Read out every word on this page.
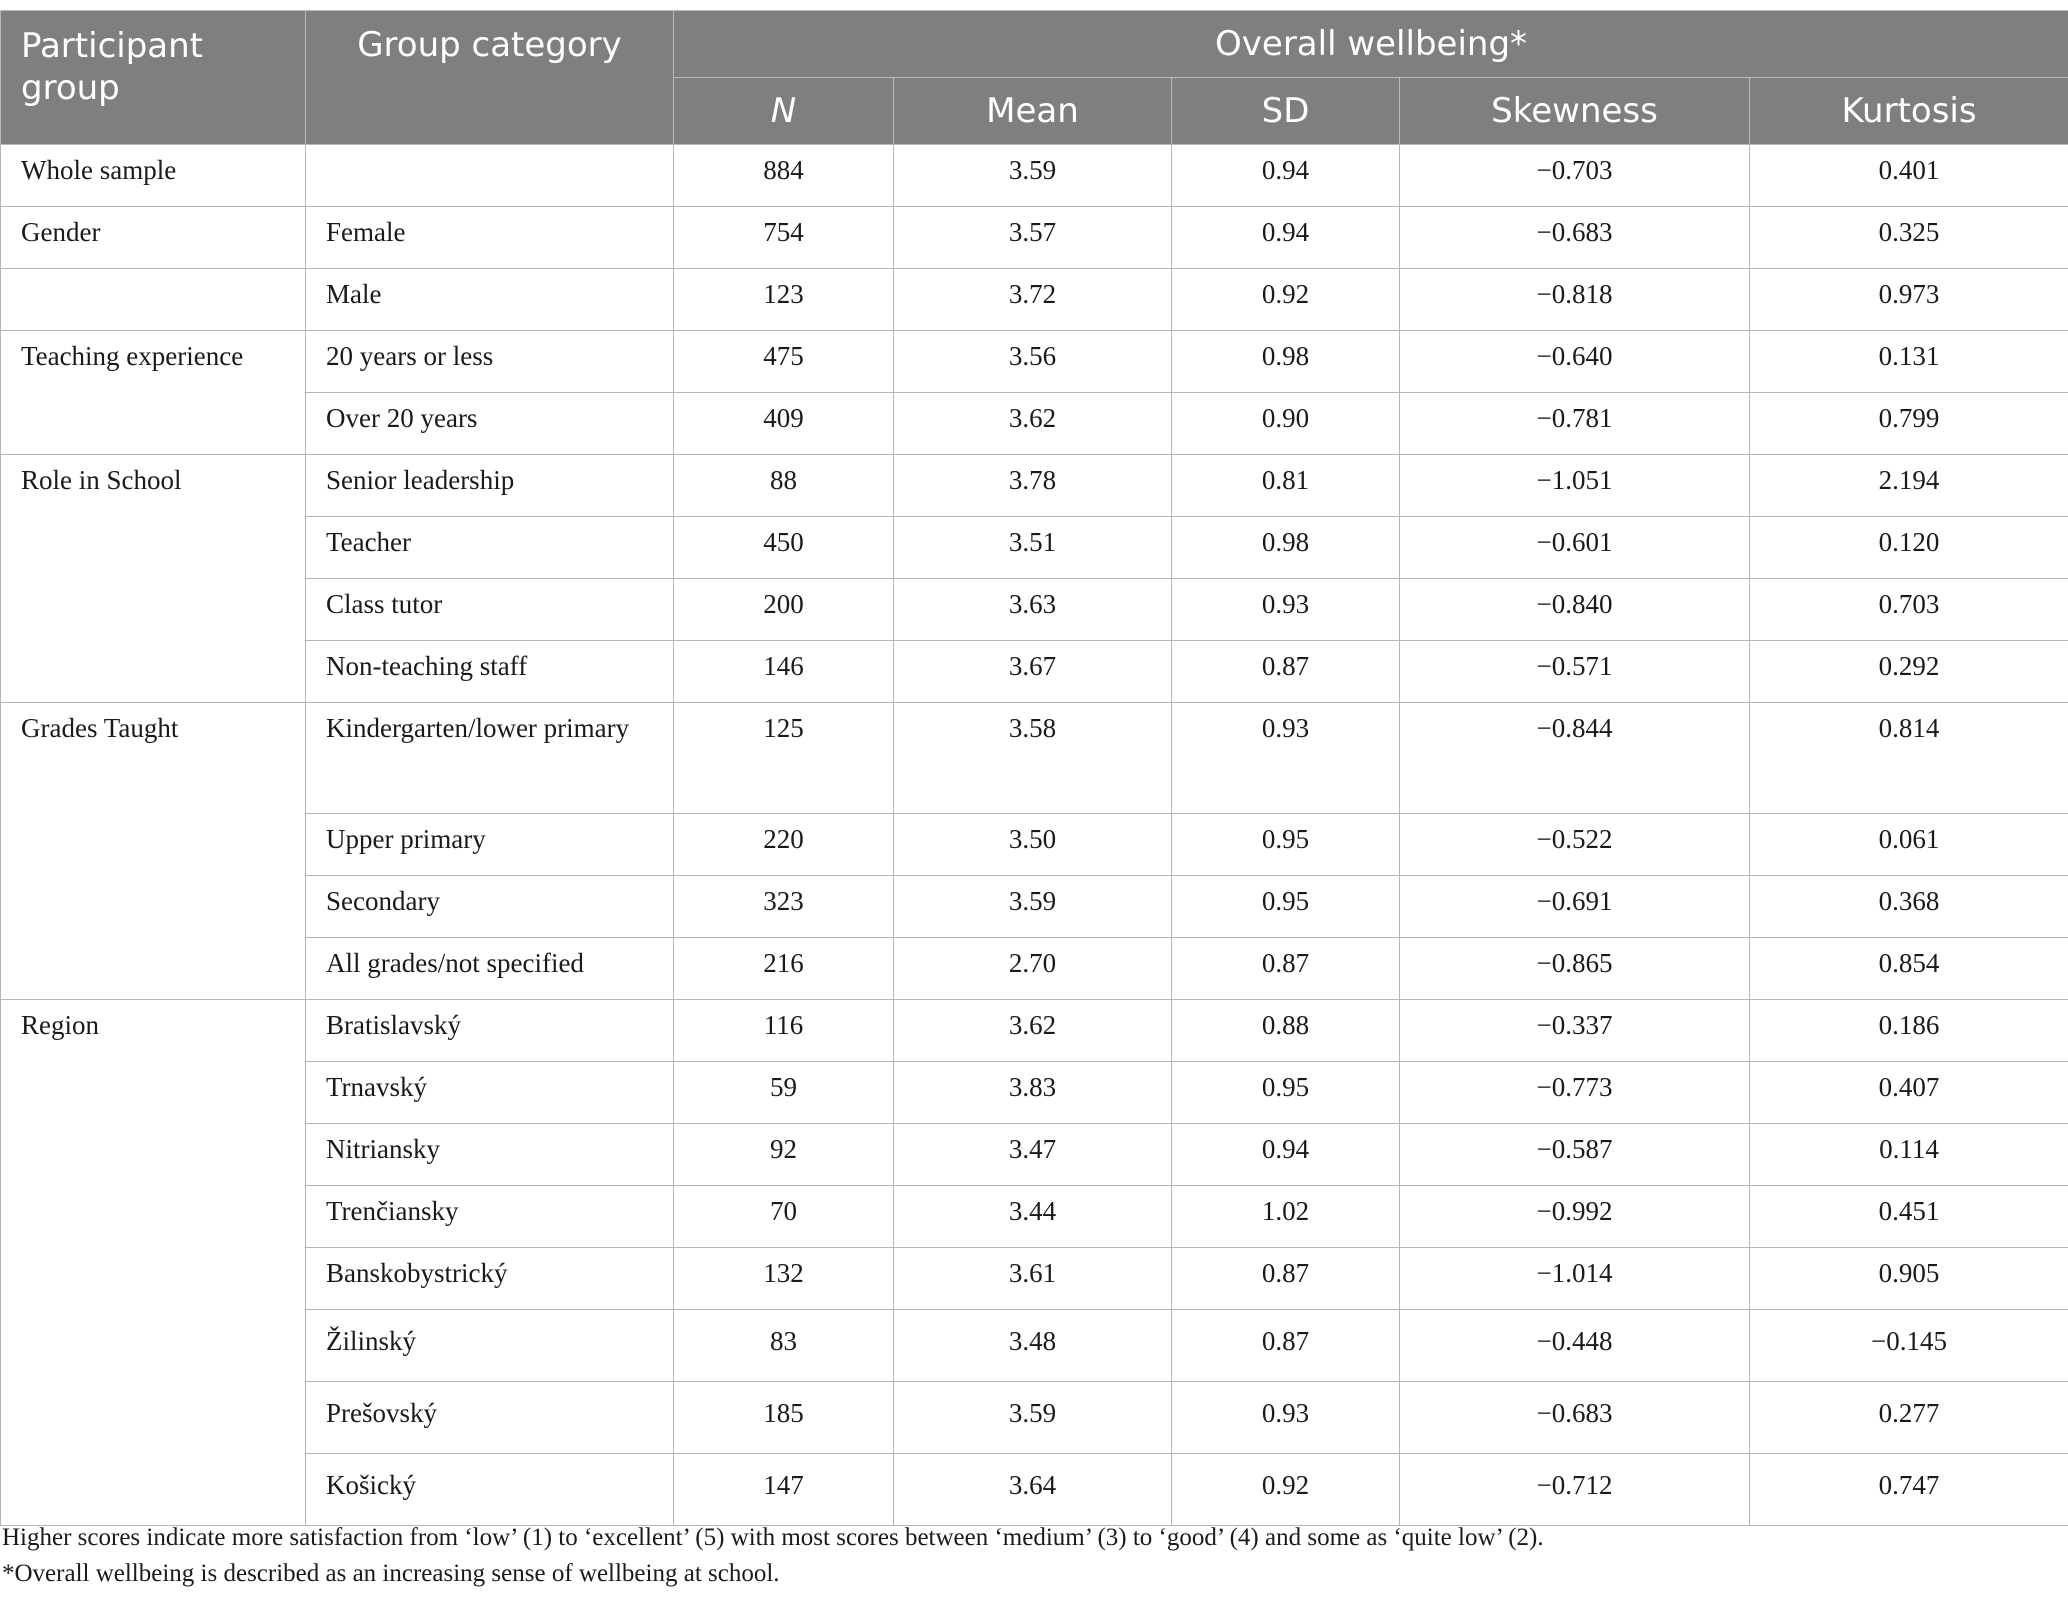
Participant group	Group category	Overall wellbeing*				
		N	Mean	SD	Skewness	Kurtosis
Whole sample		884	3.59	0.94	−0.703	0.401
Gender	Female	754	3.57	0.94	−0.683	0.325
	Male	123	3.72	0.92	−0.818	0.973
Teaching experience	20 years or less	475	3.56	0.98	−0.640	0.131
	Over 20 years	409	3.62	0.90	−0.781	0.799
Role in School	Senior leadership	88	3.78	0.81	−1.051	2.194
	Teacher	450	3.51	0.98	−0.601	0.120
	Class tutor	200	3.63	0.93	−0.840	0.703
	Non-teaching staff	146	3.67	0.87	−0.571	0.292
Grades Taught	Kindergarten/lower primary	125	3.58	0.93	−0.844	0.814
	Upper primary	220	3.50	0.95	−0.522	0.061
	Secondary	323	3.59	0.95	−0.691	0.368
	All grades/not specified	216	2.70	0.87	−0.865	0.854
Region	Bratislavský	116	3.62	0.88	−0.337	0.186
	Trnavský	59	3.83	0.95	−0.773	0.407
	Nitriansky	92	3.47	0.94	−0.587	0.114
	Trenčiansky	70	3.44	1.02	−0.992	0.451
	Banskobystrický	132	3.61	0.87	−1.014	0.905
	Žilinský	83	3.48	0.87	−0.448	−0.145
	Prešovský	185	3.59	0.93	−0.683	0.277
	Košický	147	3.64	0.92	−0.712	0.747

Higher scores indicate more satisfaction from ‘low’ (1) to ‘excellent’ (5) with most scores between ‘medium’ (3) to ‘good’ (4) and some as ‘quite low’ (2).

*Overall wellbeing is described as an increasing sense of wellbeing at school.
